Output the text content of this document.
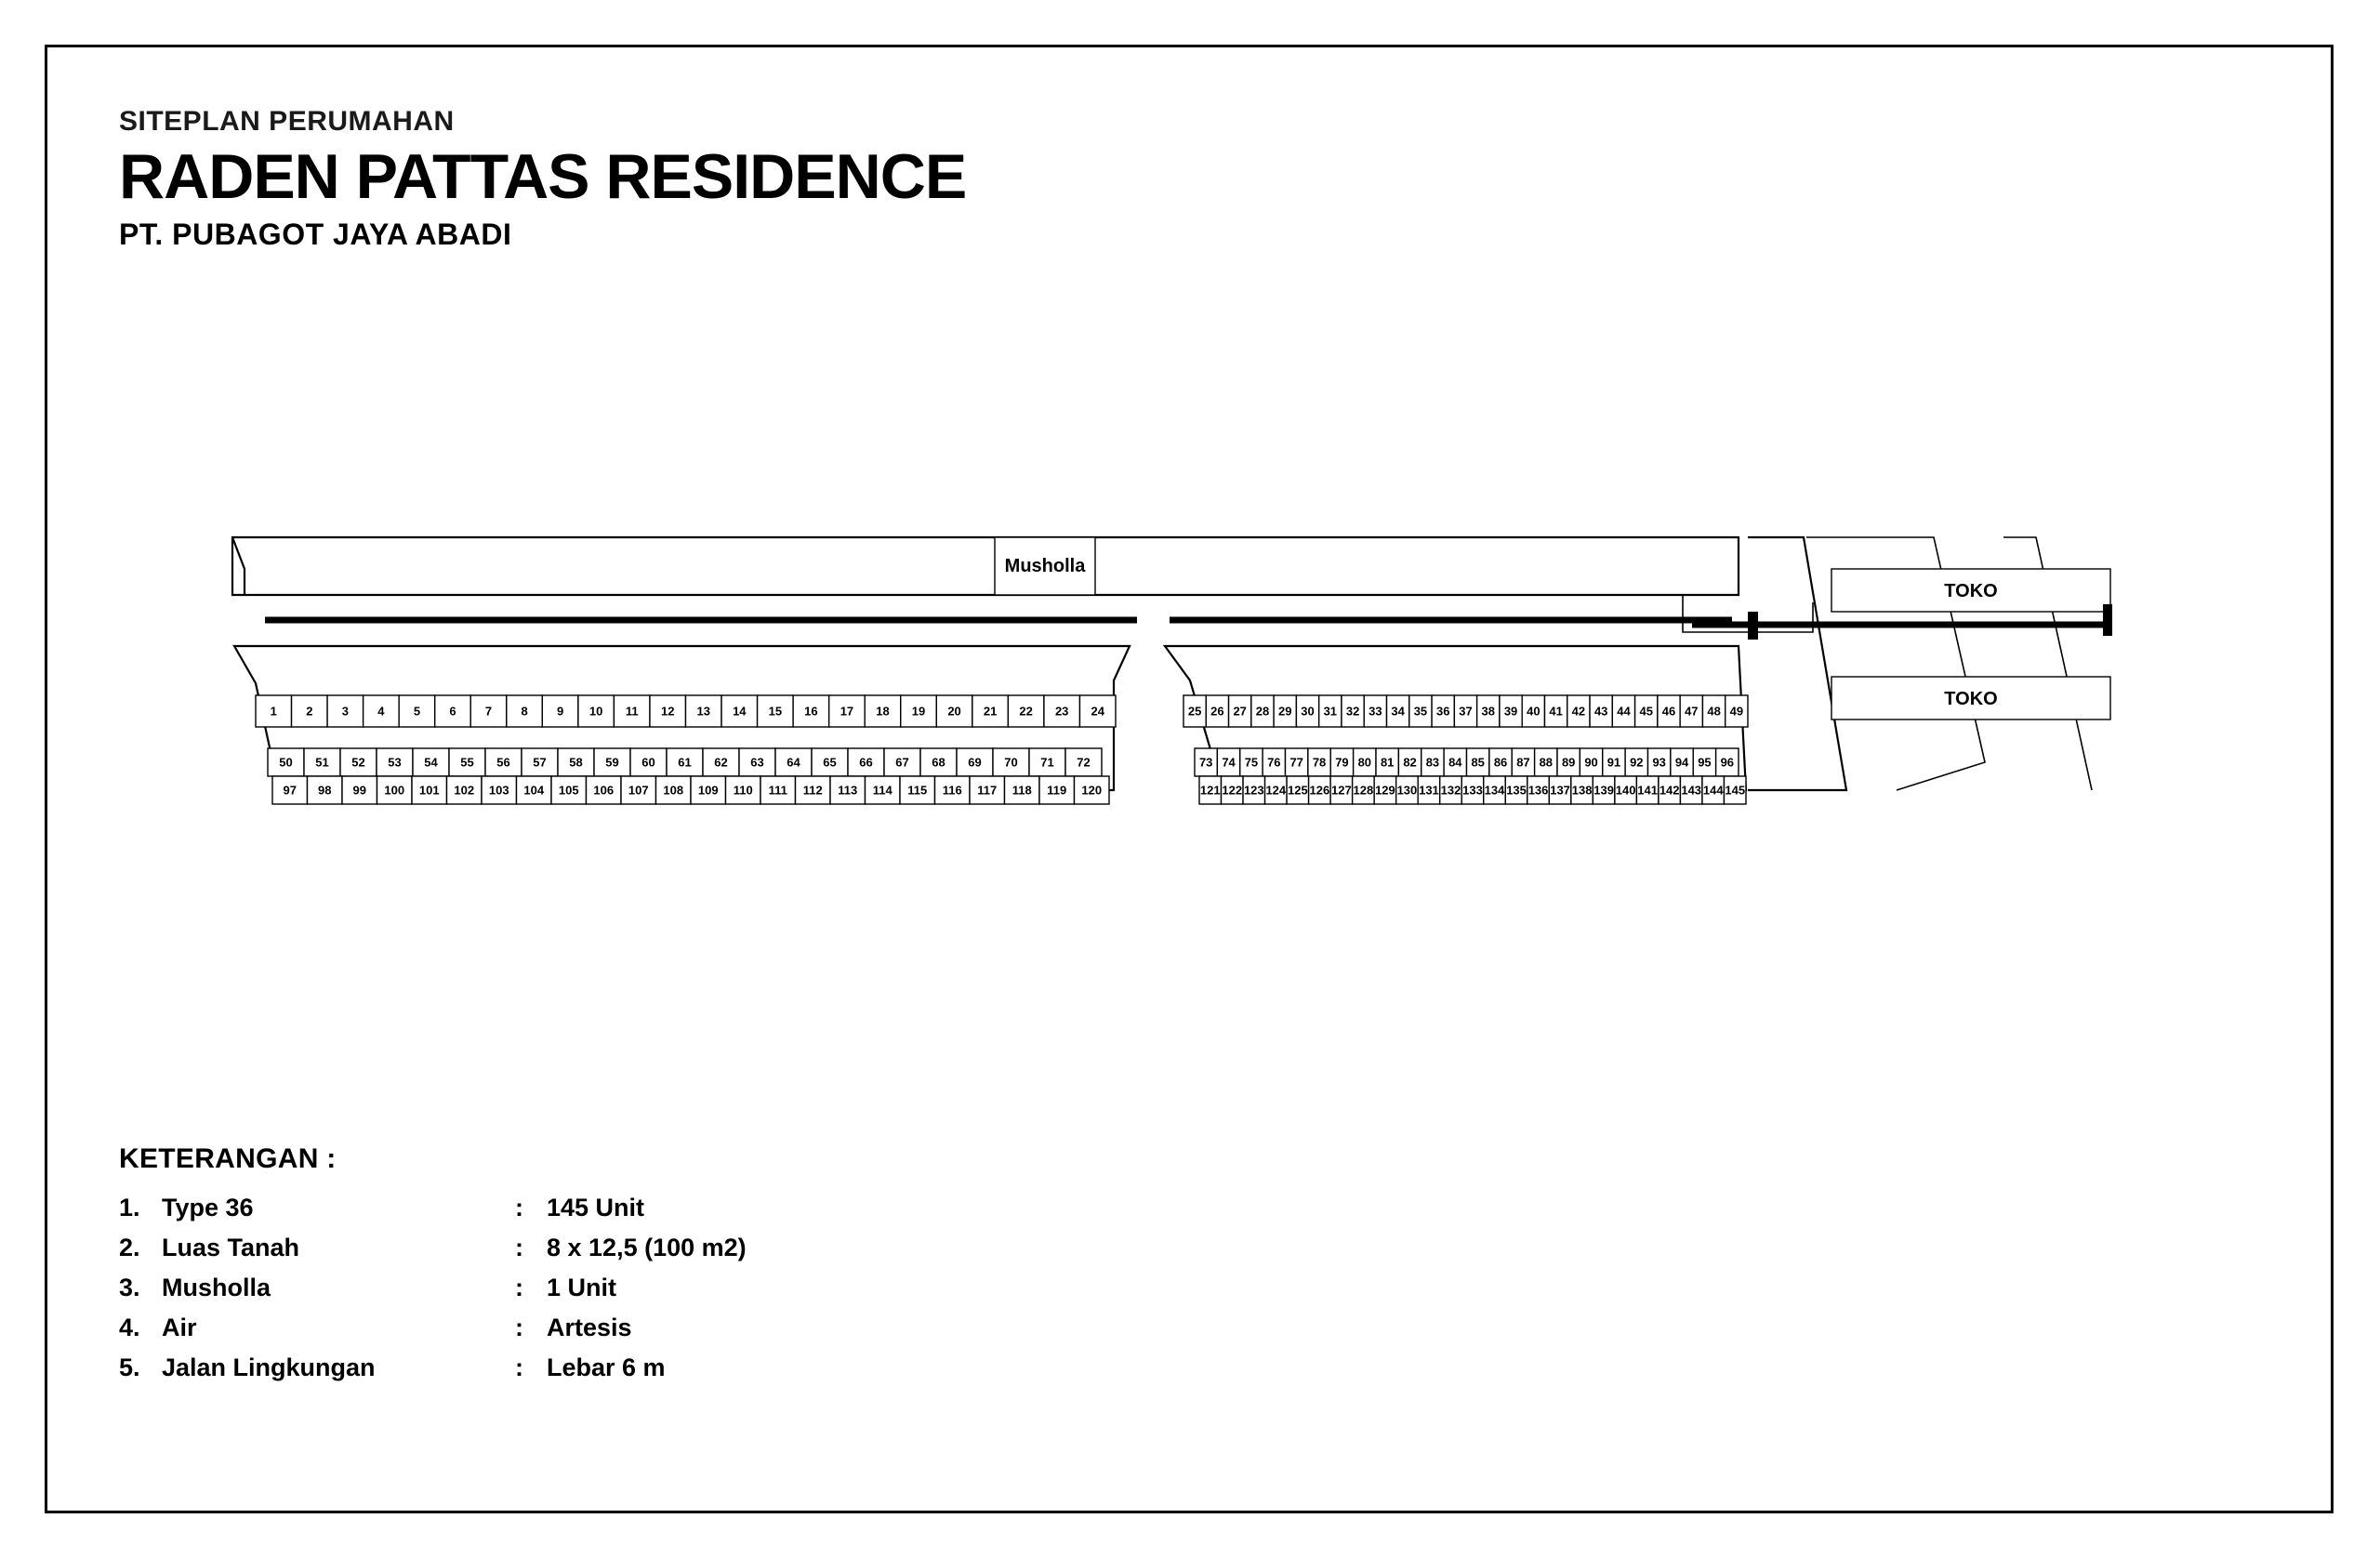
SITEPLAN PERUMAHAN
RADEN PATTAS RESIDENCE
PT. PUBAGOT JAYA ABADI
Musholla
TOKO
TOKO
1 2 3 4 5 6 7 8 9 10 11 12 13 14 15 16 17 18 19 20 21 22 23 24	25 26 27 28 29 30 31 32 33 34 35 36 37 38 39 40 41 42 43 44 45 46 47 48 49
50 51 52 53 54 55 56 57 58 59 60 61 62 63 64 65 66 67 68 69 70 71 72	73 74 75 76 77 78 79 80 81 82 83 84 85 86 87 88 89 90 91 92 93 94 95 96
97 98 99 100 101 102 103 104 105 106 107 108 109 110 111 112 113 114 115 116 117 118 119 120	121 122 123 124 125 126 127 128 129 130 131 132 133 134 135 136 137 138 139 140 141 142 143 144 145
KETERANGAN :
1. Type 36	: 145 Unit
2. Luas Tanah	: 8 x 12,5 (100 m2)
3. Musholla	: 1 Unit
4. Air	: Artesis
5. Jalan Lingkungan	: Lebar 6 m
